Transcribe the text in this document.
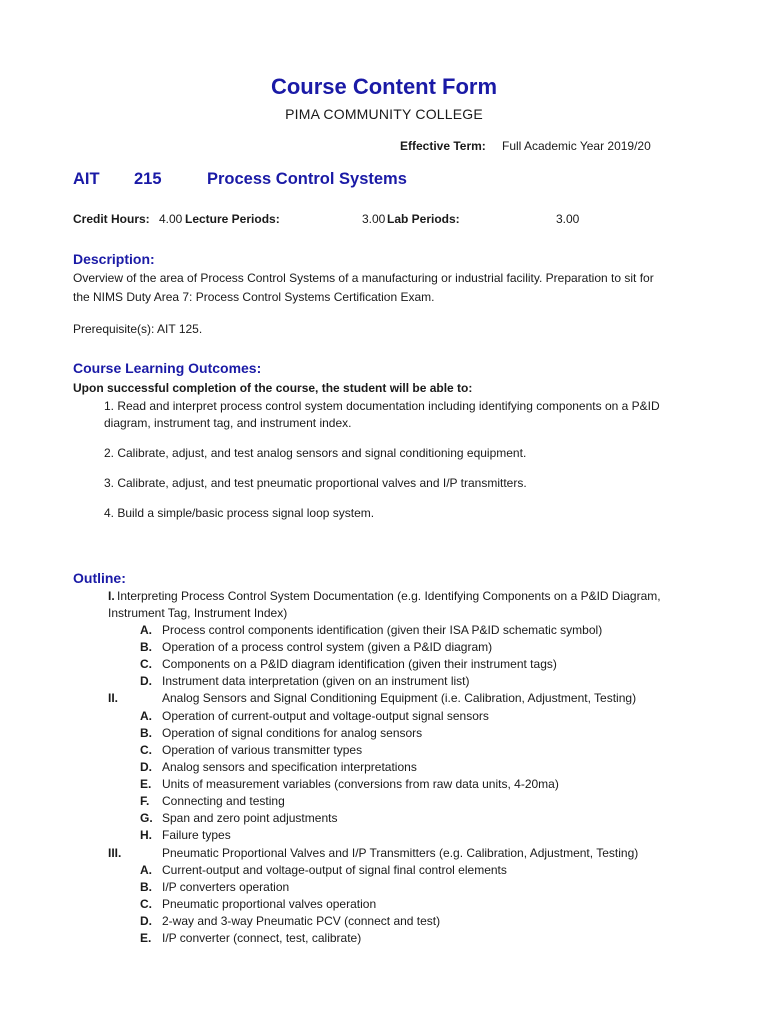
Course Content Form
PIMA COMMUNITY COLLEGE
Effective Term: Full Academic Year 2019/20
AIT 215	Process Control Systems
Credit Hours: 4.00 Lecture Periods:	3.00 Lab Periods:	3.00
Description:
Overview of the area of Process Control Systems of a manufacturing or industrial facility. Preparation to sit for
the NIMS Duty Area 7: Process Control Systems Certification Exam.
Prerequisite(s): AIT 125.
Course Learning Outcomes:
Upon successful completion of the course, the student will be able to:
1. Read and interpret process control system documentation including identifying components on a P&ID
diagram, instrument tag, and instrument index.
2. Calibrate, adjust, and test analog sensors and signal conditioning equipment.
3. Calibrate, adjust, and test pneumatic proportional valves and I/P transmitters.
4. Build a simple/basic process signal loop system.
Outline:
I. Interpreting Process Control System Documentation (e.g. Identifying Components on a P&ID Diagram,
Instrument Tag, Instrument Index)
A. Process control components identification (given their ISA P&ID schematic symbol)
B. Operation of a process control system (given a P&ID diagram)
C. Components on a P&ID diagram identification (given their instrument tags)
D. Instrument data interpretation (given on an instrument list)
II.	Analog Sensors and Signal Conditioning Equipment (i.e. Calibration, Adjustment, Testing)
A. Operation of current-output and voltage-output signal sensors
B. Operation of signal conditions for analog sensors
C. Operation of various transmitter types
D. Analog sensors and specification interpretations
E. Units of measurement variables (conversions from raw data units, 4-20ma)
F. Connecting and testing
G. Span and zero point adjustments
H. Failure types
III.	Pneumatic Proportional Valves and I/P Transmitters (e.g. Calibration, Adjustment, Testing)
A. Current-output and voltage-output of signal final control elements
B. I/P converters operation
C. Pneumatic proportional valves operation
D. 2-way and 3-way Pneumatic PCV (connect and test)
E. I/P converter (connect, test, calibrate)
